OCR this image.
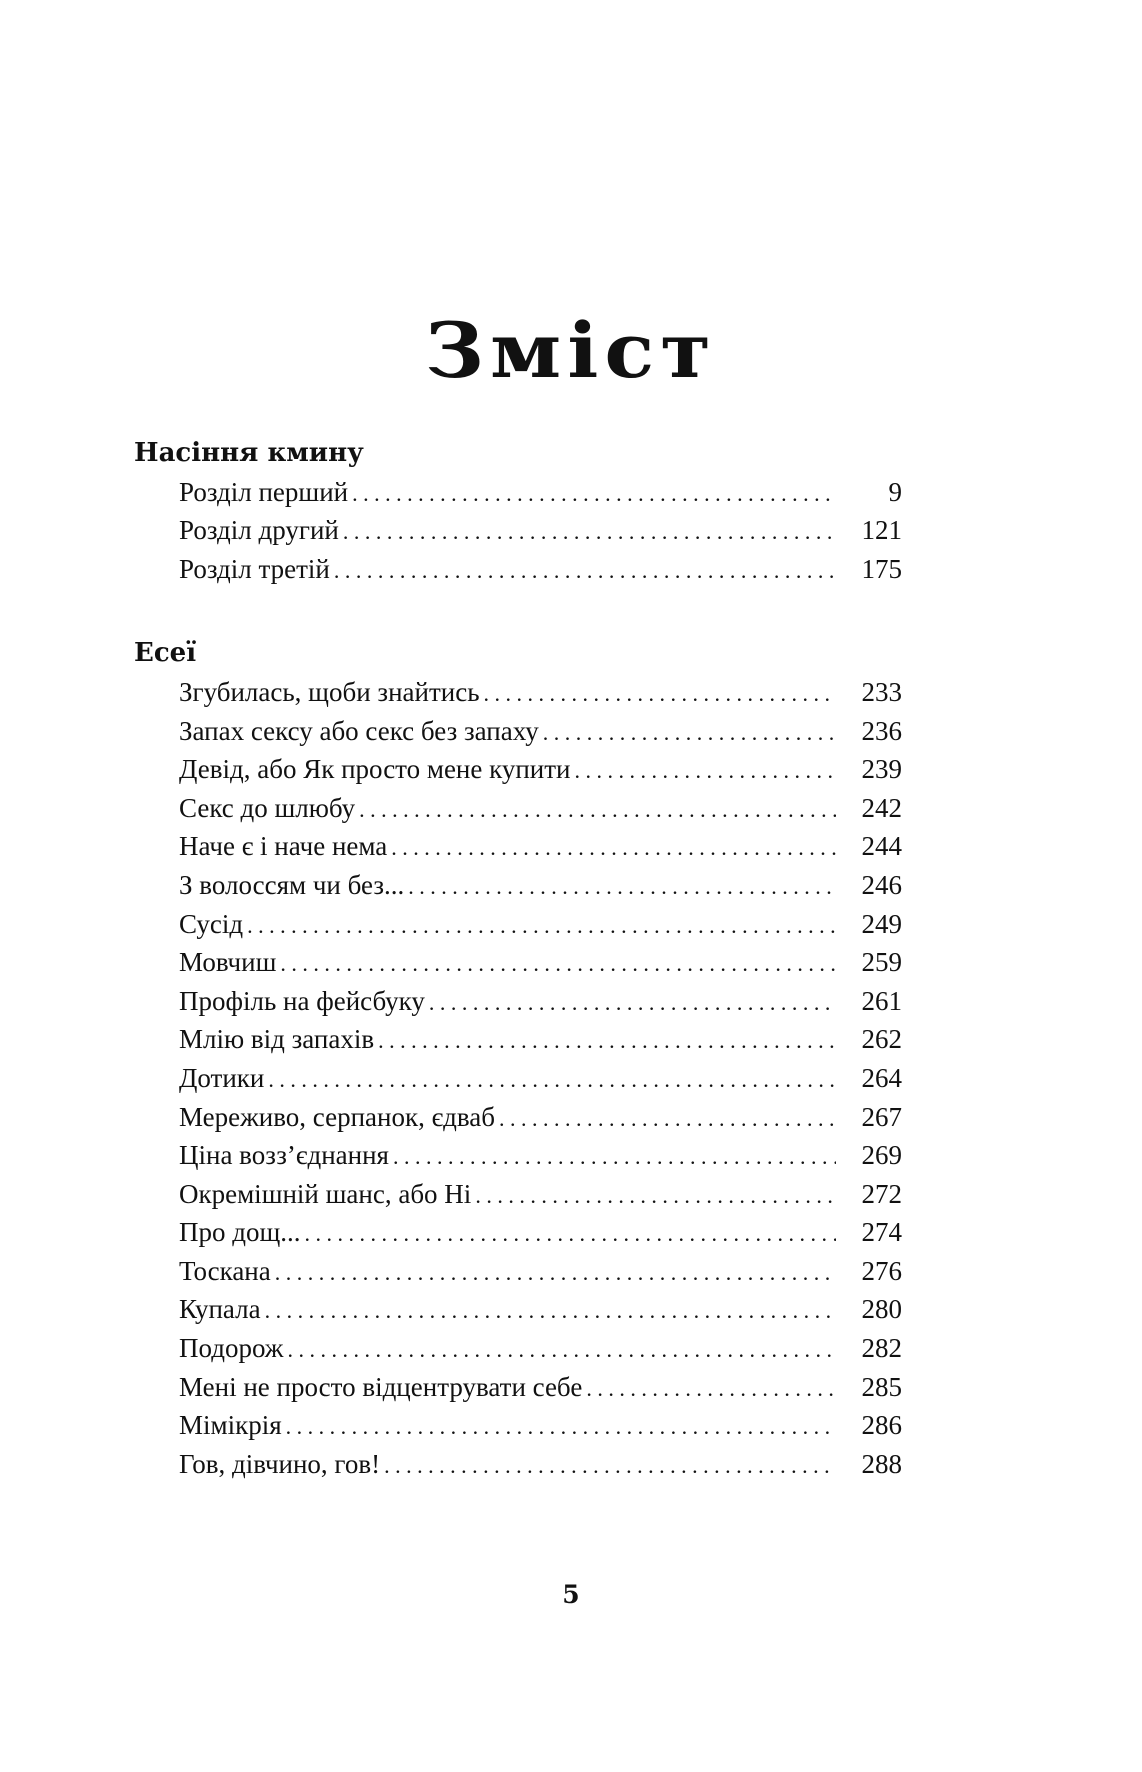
Зміст
Насіння кмину
Розділ перший . . .	9
Розділ другий . . .	121
Розділ третій . . .	175
Есеї
Згубилась, щоби знайтись . . .	233
Запах сексу або секс без запаху . . .	236
Девід, або Як просто мене купити . . .	239
Секс до шлюбу . . .	242
Наче є і наче нема . . .	244
З волоссям чи без... . . .	246
Сусід . . .	249
Мовчиш . . .	259
Профіль на фейсбуку . . .	261
Млію від запахів . . .	262
Дотики . . .	264
Мереживо, серпанок, єдваб . . .	267
Ціна возз’єднання . . .	269
Окремішній шанс, або Ні . . .	272
Про дощ... . . .	274
Тоскана . . .	276
Купала . . .	280
Подорож . . .	282
Мені не просто відцентрувати себе . . .	285
Мімікрія . . .	286
Гов, дівчино, гов! . . .	288
5
